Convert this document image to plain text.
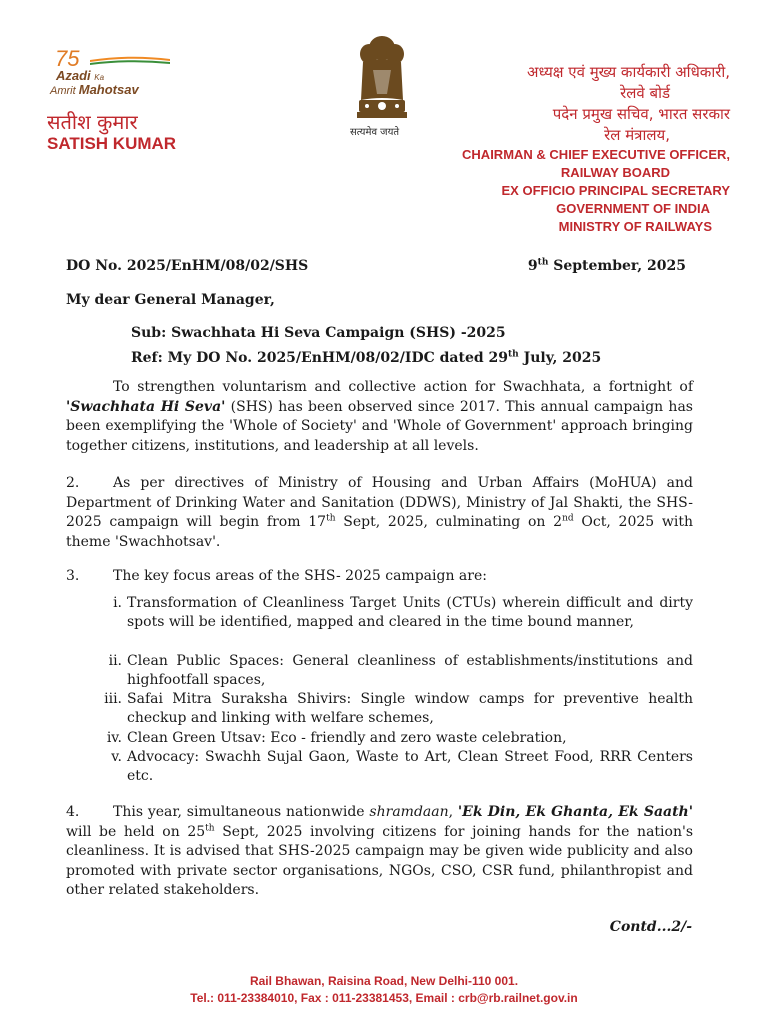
75
Azadi Ka
Amrit Mahotsav
सतीश कुमार
SATISH KUMAR
सत्यमेव जयते
अध्यक्ष एवं मुख्य कार्यकारी अधिकारी,
रेलवे बोर्ड
पदेन प्रमुख सचिव, भारत सरकार
रेल मंत्रालय,
CHAIRMAN & CHIEF EXECUTIVE OFFICER,
RAILWAY BOARD
EX OFFICIO PRINCIPAL SECRETARY
GOVERNMENT OF INDIA
MINISTRY OF RAILWAYS
DO No. 2025/EnHM/08/02/SHS	9th September, 2025
My dear General Manager,
Sub: Swachhata Hi Seva Campaign (SHS) -2025
Ref: My DO No. 2025/EnHM/08/02/IDC dated 29th July, 2025
To strengthen voluntarism and collective action for Swachhata, a fortnight of 'Swachhata Hi Seva' (SHS) has been observed since 2017. This annual campaign has been exemplifying the 'Whole of Society' and 'Whole of Government' approach bringing together citizens, institutions, and leadership at all levels.
2. As per directives of Ministry of Housing and Urban Affairs (MoHUA) and Department of Drinking Water and Sanitation (DDWS), Ministry of Jal Shakti, the SHS- 2025 campaign will begin from 17th Sept, 2025, culminating on 2nd Oct, 2025 with theme 'Swachhotsav'.
3. The key focus areas of the SHS- 2025 campaign are:
i. Transformation of Cleanliness Target Units (CTUs) wherein difficult and dirty spots will be identified, mapped and cleared in the time bound manner,
ii. Clean Public Spaces: General cleanliness of establishments/institutions and highfootfall spaces,
iii. Safai Mitra Suraksha Shivirs: Single window camps for preventive health checkup and linking with welfare schemes,
iv. Clean Green Utsav: Eco - friendly and zero waste celebration,
v. Advocacy: Swachh Sujal Gaon, Waste to Art, Clean Street Food, RRR Centers etc.
4. This year, simultaneous nationwide shramdaan, 'Ek Din, Ek Ghanta, Ek Saath' will be held on 25th Sept, 2025 involving citizens for joining hands for the nation's cleanliness. It is advised that SHS-2025 campaign may be given wide publicity and also promoted with private sector organisations, NGOs, CSO, CSR fund, philanthropist and other related stakeholders.
Contd...2/-
Rail Bhawan, Raisina Road, New Delhi-110 001.
Tel.: 011-23384010, Fax : 011-23381453, Email : crb@rb.railnet.gov.in
